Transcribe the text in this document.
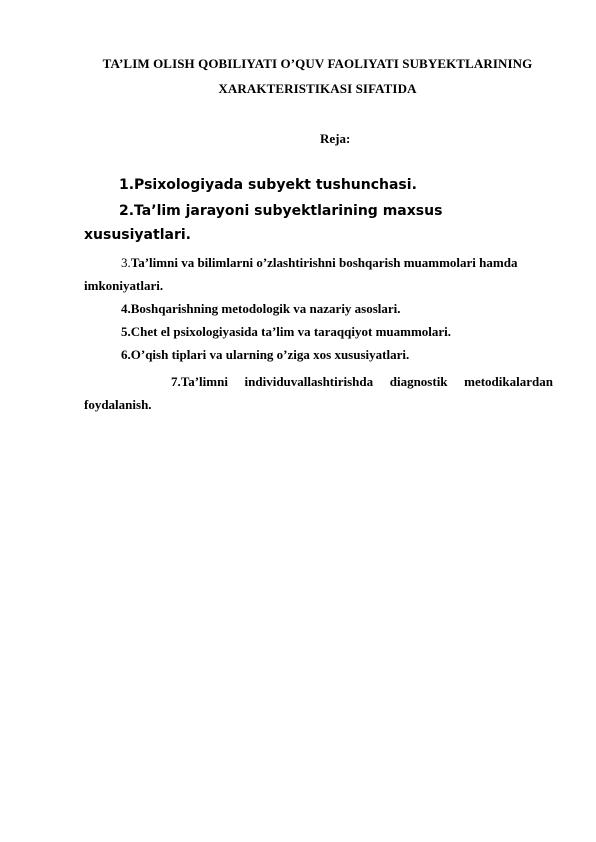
TA’LIM OLISH QOBILIYATI O’QUV FAOLIYATI SUBYEKTLARINING
XARAKTERISTIKASI SIFATIDA
Reja:
1.Psixologiyada subyekt tushunchasi.
2.Ta’lim jarayoni subyektlarining maxsus
xususiyatlari.
3.Ta’limni va bilimlarni o’zlashtirishni boshqarish muammolari hamda
imkoniyatlari.
4.Boshqarishning metodologik va nazariy asoslari.
5.Chet el psixologiyasida ta’lim va taraqqiyot muammolari.
6.O’qish tiplari va ularning o’ziga xos xususiyatlari.
7.Ta’limni individuvallashtirishda diagnostik metodikalardan
foydalanish.
